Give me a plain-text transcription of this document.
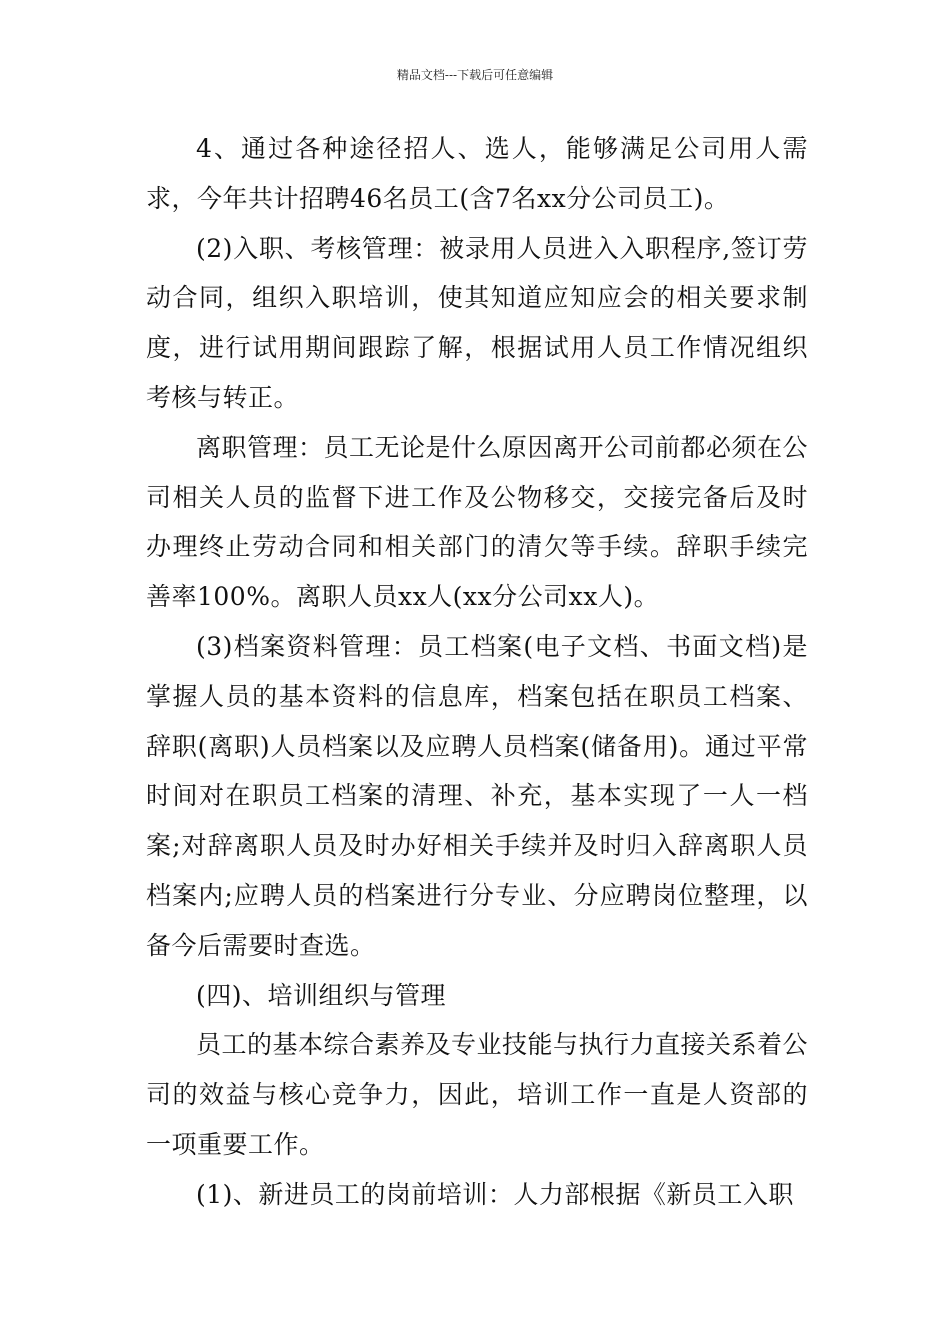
精品文档---下载后可任意编辑

4、通过各种途径招人、选人，能够满足公司用人需求，今年共计招聘46名员工(含7名xx分公司员工)。

(2)入职、考核管理：被录用人员进入入职程序,签订劳动合同，组织入职培训，使其知道应知应会的相关要求制度，进行试用期间跟踪了解，根据试用人员工作情况组织考核与转正。

离职管理：员工无论是什么原因离开公司前都必须在公司相关人员的监督下进工作及公物移交，交接完备后及时办理终止劳动合同和相关部门的清欠等手续。辞职手续完善率100%。离职人员xx人(xx分公司xx人)。

(3)档案资料管理：员工档案(电子文档、书面文档)是掌握人员的基本资料的信息库，档案包括在职员工档案、辞职(离职)人员档案以及应聘人员档案(储备用)。通过平常时间对在职员工档案的清理、补充，基本实现了一人一档案;对辞离职人员及时办好相关手续并及时归入辞离职人员档案内;应聘人员的档案进行分专业、分应聘岗位整理，以备今后需要时查选。

(四)、培训组织与管理

员工的基本综合素养及专业技能与执行力直接关系着公司的效益与核心竞争力，因此，培训工作一直是人资部的一项重要工作。

(1)、新进员工的岗前培训：人力部根据《新员工入职
